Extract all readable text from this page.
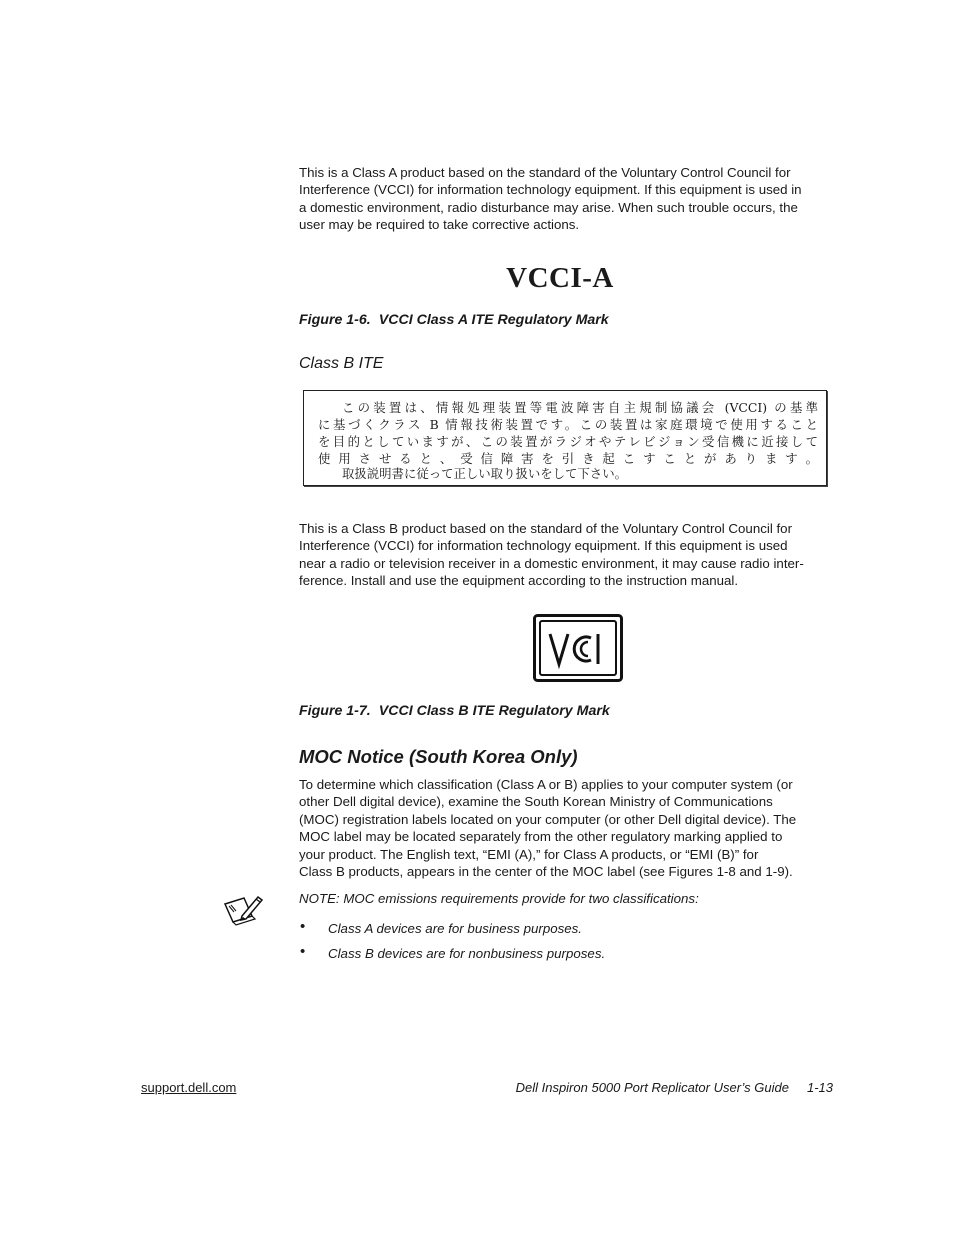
This is a Class A product based on the standard of the Voluntary Control Council for
Interference (VCCI) for information technology equipment. If this equipment is used in
a domestic environment, radio disturbance may arise. When such trouble occurs, the
user may be required to take corrective actions.
VCCI-A
Figure 1-6. VCCI Class A ITE Regulatory Mark
Class B ITE

この装置は、情報処理装置等電波障害自主規制協議会 (VCCI) の基準

に基づくクラス B 情報技術装置です。この装置は家庭環境で使用すること

を目的としていますが、この装置がラジオやテレビジョン受信機に近接して

使 用 さ せ る と 、 受 信 障 害 を 引 き 起 こ す こ と が あ り ま す 。

取扱説明書に従って正しい取り扱いをして下さい。

This is a Class B product based on the standard of the Voluntary Control Council for
Interference (VCCI) for information technology equipment. If this equipment is used
near a radio or television receiver in a domestic environment, it may cause radio inter-
ference. Install and use the equipment according to the instruction manual.
Figure 1-7. VCCI Class B ITE Regulatory Mark
MOC Notice (South Korea Only)
To determine which classification (Class A or B) applies to your computer system (or
other Dell digital device), examine the South Korean Ministry of Communications
(MOC) registration labels located on your computer (or other Dell digital device). The
MOC label may be located separately from the other regulatory marking applied to
your product. The English text, “EMI (A),” for Class A products, or “EMI (B)” for
Class B products, appears in the center of the MOC label (see Figures 1-8 and 1-9).
NOTE: MOC emissions requirements provide for two classifications:
• Class A devices are for business purposes.
• Class B devices are for nonbusiness purposes.
support.dell.com	Dell Inspiron 5000 Port Replicator User’s Guide 1-13
